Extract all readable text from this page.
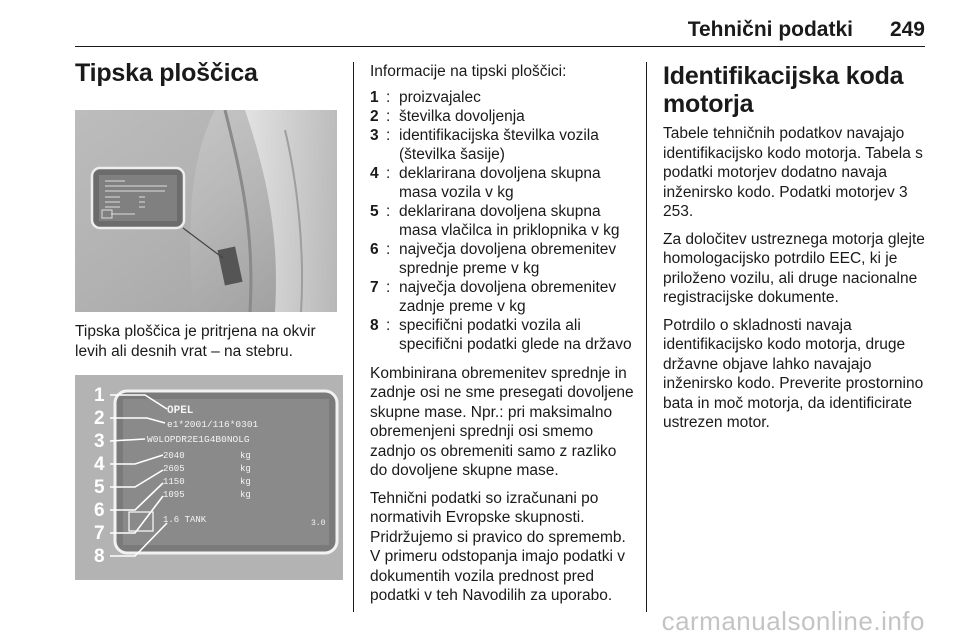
Tehnični podatki 249
Tipska ploščica

Tipska ploščica je pritrjena na okvir levih ali desnih vrat – na stebru.

1
2
3
4
5
6
7
8
OPEL
e1*2001/116*0301
W0LOPDR2E1G4B0NOLG
2040
2605
1150
1095
kg
kg
kg
kg
1.6 TANK	3.0

Informacije na tipski ploščici:

1 : proizvajalec
2 : številka dovoljenja
3 : identifikacijska številka vozila (številka šasije)
4 : deklarirana dovoljena skupna masa vozila v kg
5 : deklarirana dovoljena skupna masa vlačilca in priklopnika v kg
6 : največja dovoljena obremenitev sprednje preme v kg
7 : največja dovoljena obremenitev zadnje preme v kg
8 : specifični podatki vozila ali specifični podatki glede na državo

Kombinirana obremenitev sprednje in zadnje osi ne sme presegati dovoljene skupne mase. Npr.: pri maksimalno obremenjeni sprednji osi smemo zadnjo os obremeniti samo z razliko do dovoljene skupne mase.

Tehnični podatki so izračunani po normativih Evropske skupnosti. Pridržujemo si pravico do sprememb. V primeru odstopanja imajo podatki v dokumentih vozila prednost pred podatki v teh Navodilih za uporabo.

Identifikacijska koda motorja

Tabele tehničnih podatkov navajajo identifikacijsko kodo motorja. Tabela s podatki motorjev dodatno navaja inženirsko kodo. Podatki motorjev 3 253.

Za določitev ustreznega motorja glejte homologacijsko potrdilo EEC, ki je priloženo vozilu, ali druge nacionalne registracijske dokumente.

Potrdilo o skladnosti navaja identifikacijsko kodo motorja, druge državne objave lahko navajajo inženirsko kodo. Preverite prostornino bata in moč motorja, da identificirate ustrezen motor.

carmanualsonline.info
